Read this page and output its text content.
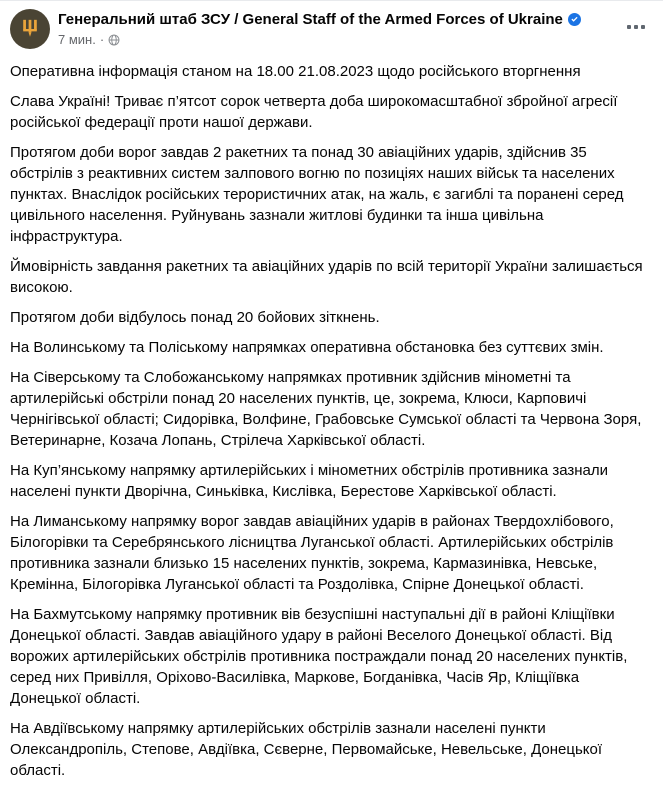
Генеральний штаб ЗСУ / General Staff of the Armed Forces of Ukraine
7 мин. ·

Оперативна інформація станом на 18.00 21.08.2023 щодо російського вторгнення

Слава Україні! Триває п’ятсот сорок четверта доба широкомасштабної збройної агресії російської федерації проти нашої держави.

Протягом доби ворог завдав 2 ракетних та понад 30 авіаційних ударів, здійснив 35 обстрілів з реактивних систем залпового вогню по позиціях наших військ та населених пунктах. Внаслідок російських терористичних атак, на жаль, є загиблі та поранені серед цивільного населення. Руйнувань зазнали житлові будинки та інша цивільна інфраструктура.

Ймовірність завдання ракетних та авіаційних ударів по всій території України залишається високою.

Протягом доби відбулось понад 20 бойових зіткнень.

На Волинському та Поліському напрямках оперативна обстановка без суттєвих змін.

На Сіверському та Слобожанському напрямках противник здійснив мінометні та артилерійські обстріли понад 20 населених пунктів, це, зокрема, Клюси, Карповичі Чернігівської області; Сидорівка, Волфине, Грабовське Сумської області та Червона Зоря, Ветеринарне, Козача Лопань, Стрілеча Харківської області.

На Куп’янському напрямку артилерійських і мінометних обстрілів противника зазнали населені пункти Дворічна, Синьківка, Кислівка, Берестове Харківської області.

На Лиманському напрямку ворог завдав авіаційних ударів в районах Твердохлібового, Білогорівки та Серебрянського лісництва Луганської області. Артилерійських обстрілів противника зазнали близько 15 населених пунктів, зокрема, Кармазинівка, Невське, Кремінна, Білогорівка Луганської області та Роздолівка, Спірне Донецької області.

На Бахмутському напрямку противник вів безуспішні наступальні дії в районі Кліщіївки Донецької області. Завдав авіаційного удару в районі Веселого Донецької області. Від ворожих артилерійських обстрілів противника постраждали понад 20 населених пунктів, серед них Привілля, Оріхово-Василівка, Маркове, Богданівка, Часів Яр, Кліщіївка Донецької області.

На Авдіївському напрямку артилерійських обстрілів зазнали населені пункти Олександропіль, Степове, Авдіївка, Сєверне, Первомайське, Невельське, Донецької області.
